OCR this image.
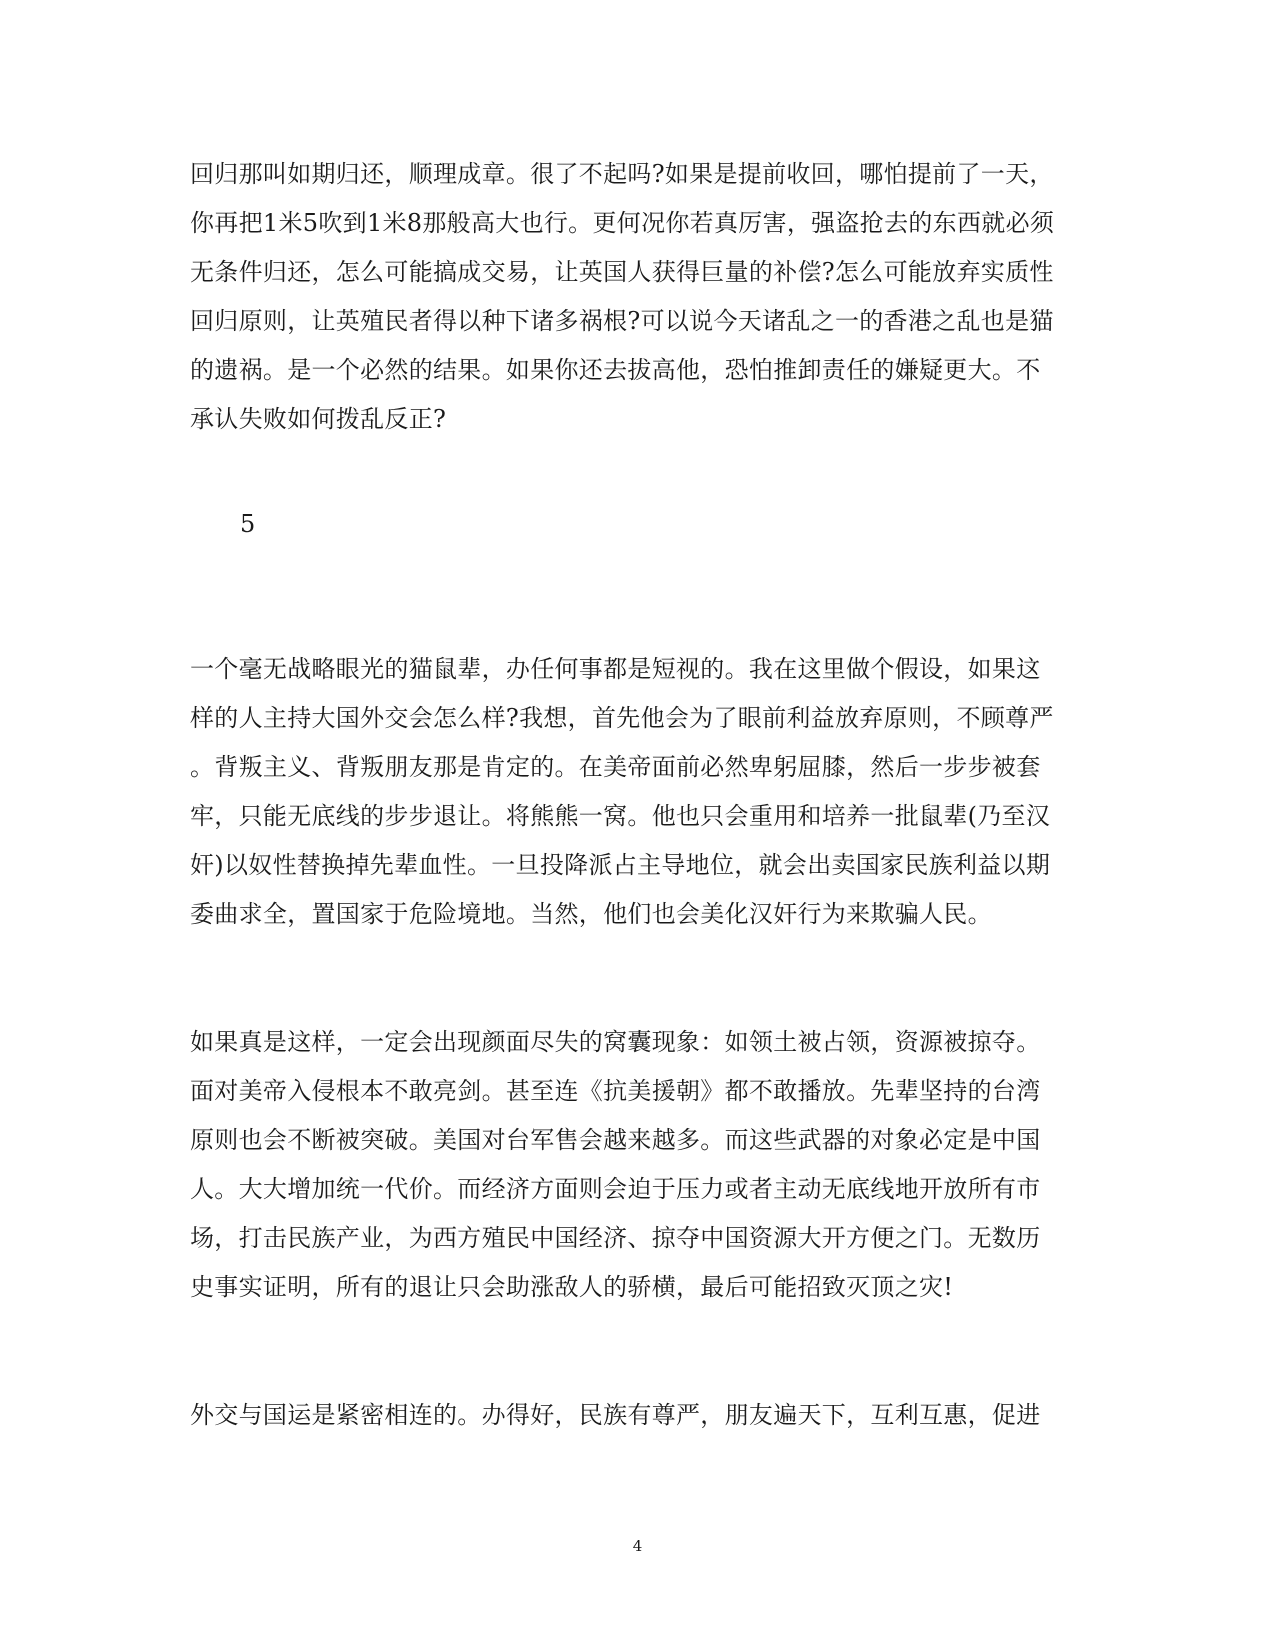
回归那叫如期归还，顺理成章。很了不起吗?如果是提前收回，哪怕提前了一天，
你再把1米5吹到1米8那般高大也行。更何况你若真厉害，强盗抢去的东西就必须
无条件归还，怎么可能搞成交易，让英国人获得巨量的补偿?怎么可能放弃实质性
回归原则，让英殖民者得以种下诸多祸根?可以说今天诸乱之一的香港之乱也是猫
的遗祸。是一个必然的结果。如果你还去拔高他，恐怕推卸责任的嫌疑更大。不
承认失败如何拨乱反正?
5
一个毫无战略眼光的猫鼠辈，办任何事都是短视的。我在这里做个假设，如果这
样的人主持大国外交会怎么样?我想，首先他会为了眼前利益放弃原则，不顾尊严
。背叛主义、背叛朋友那是肯定的。在美帝面前必然卑躬屈膝，然后一步步被套
牢，只能无底线的步步退让。将熊熊一窝。他也只会重用和培养一批鼠辈(乃至汉
奸)以奴性替换掉先辈血性。一旦投降派占主导地位，就会出卖国家民族利益以期
委曲求全，置国家于危险境地。当然，他们也会美化汉奸行为来欺骗人民。
如果真是这样，一定会出现颜面尽失的窝囊现象：如领土被占领，资源被掠夺。
面对美帝入侵根本不敢亮剑。甚至连《抗美援朝》都不敢播放。先辈坚持的台湾
原则也会不断被突破。美国对台军售会越来越多。而这些武器的对象必定是中国
人。大大增加统一代价。而经济方面则会迫于压力或者主动无底线地开放所有市
场，打击民族产业，为西方殖民中国经济、掠夺中国资源大开方便之门。无数历
史事实证明，所有的退让只会助涨敌人的骄横，最后可能招致灭顶之灾!
外交与国运是紧密相连的。办得好，民族有尊严，朋友遍天下，互利互惠，促进
4
